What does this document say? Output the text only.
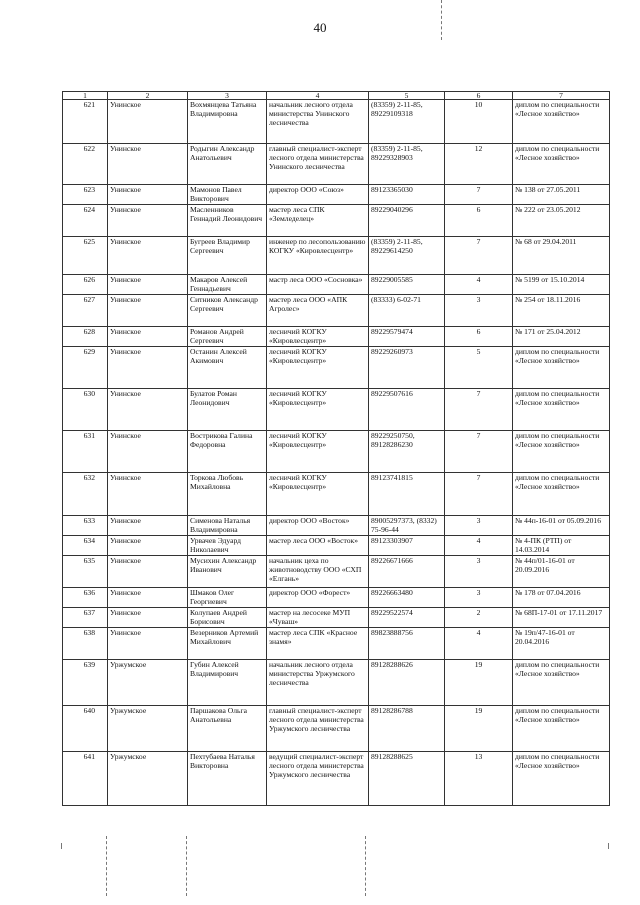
40
1	2	3	4	5	6	7
621	Унинское	Вохмянцева Татьяна Владимировна	начальник лесного отдела министерства Унинского лесничества	(83359) 2-11-85, 89229109318	10	диплом по специальности «Лесное хозяйство»
622	Унинское	Родыгин Александр Анатольевич	главный специалист-эксперт лесного отдела министерства Унинского лесничества	(83359) 2-11-85, 89229328903	12	диплом по специальности «Лесное хозяйство»
623	Унинское	Мамонов Павел Викторович	директор ООО «Союз»	89123365030	7	№ 138 от 27.05.2011
624	Унинское	Масленников Геннадий Леонидович	мастер леса СПК «Земледелец»	89229040296	6	№ 222 от 23.05.2012
625	Унинское	Бугреев Владимир Сергеевич	инженер по лесопользованию КОГКУ «Кировлесцентр»	(83359) 2-11-85, 89229614250	7	№ 68 от 29.04.2011
626	Унинское	Макаров Алексей Геннадьевич	мастр леса ООО «Сосновка»	89229005585	4	№ 5199 от 15.10.2014
627	Унинское	Ситников Александр Сергеевич	мастер леса ООО «АПК Агролес»	(83333) 6-02-71	3	№ 254 от 18.11.2016
628	Унинское	Романов Андрей Сергеевич	лесничий КОГКУ «Кировлесцентр»	89229579474	6	№ 171 от 25.04.2012
629	Унинское	Останин Алексей Акимович	лесничий КОГКУ «Кировлесцентр»	89229260973	5	диплом по специальности «Лесное хозяйство»
630	Унинское	Булатов Роман Леонидович	лесничий КОГКУ «Кировлесцентр»	89229507616	7	диплом по специальности «Лесное хозяйство»
631	Унинское	Вострикова Галина Федоровна	лесничий КОГКУ «Кировлесцентр»	89229250750, 89128286230	7	диплом по специальности «Лесное хозяйство»
632	Унинское	Торкова Любовь Михайловна	лесничий КОГКУ «Кировлесцентр»	89123741815	7	диплом по специальности «Лесное хозяйство»
633	Унинское	Сименова Наталья Владимировна	директор ООО «Восток»	89005297373, (8332) 75-96-44	3	№ 44п-16-01 от 05.09.2016
634	Унинское	Урвачев Эдуард Николаевич	мастер леса ООО «Восток»	89123303907	4	№ 4-ПК (РТП) от 14.03.2014
635	Унинское	Мусихин Александр Иванович	начальник цеха по животноводству ООО «СХП «Елгань»	89226671666	3	№ 44п/01-16-01 от 20.09.2016
636	Унинское	Шмаков Олег Георгиевич	директор ООО «Форест»	89226663480	3	№ 178 от 07.04.2016
637	Унинское	Колупаев Андрей Борисович	мастер на лесосеке МУП «Чуваш»	89229522574	2	№ 68П-17-01 от 17.11.2017
638	Унинское	Везерников Артемий Михайлович	мастер леса СПК «Красное знамя»	89823888756	4	№ 19п/47-16-01 от 20.04.2016
639	Уржумское	Губин Алексей Владимирович	начальник лесного отдела министерства Уржумского лесничества	89128288626	19	диплом по специальности «Лесное хозяйство»
640	Уржумское	Паршакова Ольга Анатольевна	главный специалист-эксперт лесного отдела министерства Уржумского лесничества	89128286788	19	диплом по специальности «Лесное хозяйство»
641	Уржумское	Пехтубаева Наталья Викторовна	ведущий специалист-эксперт лесного отдела министерства Уржумского лесничества	89128288625	13	диплом по специальности «Лесное хозяйство»
